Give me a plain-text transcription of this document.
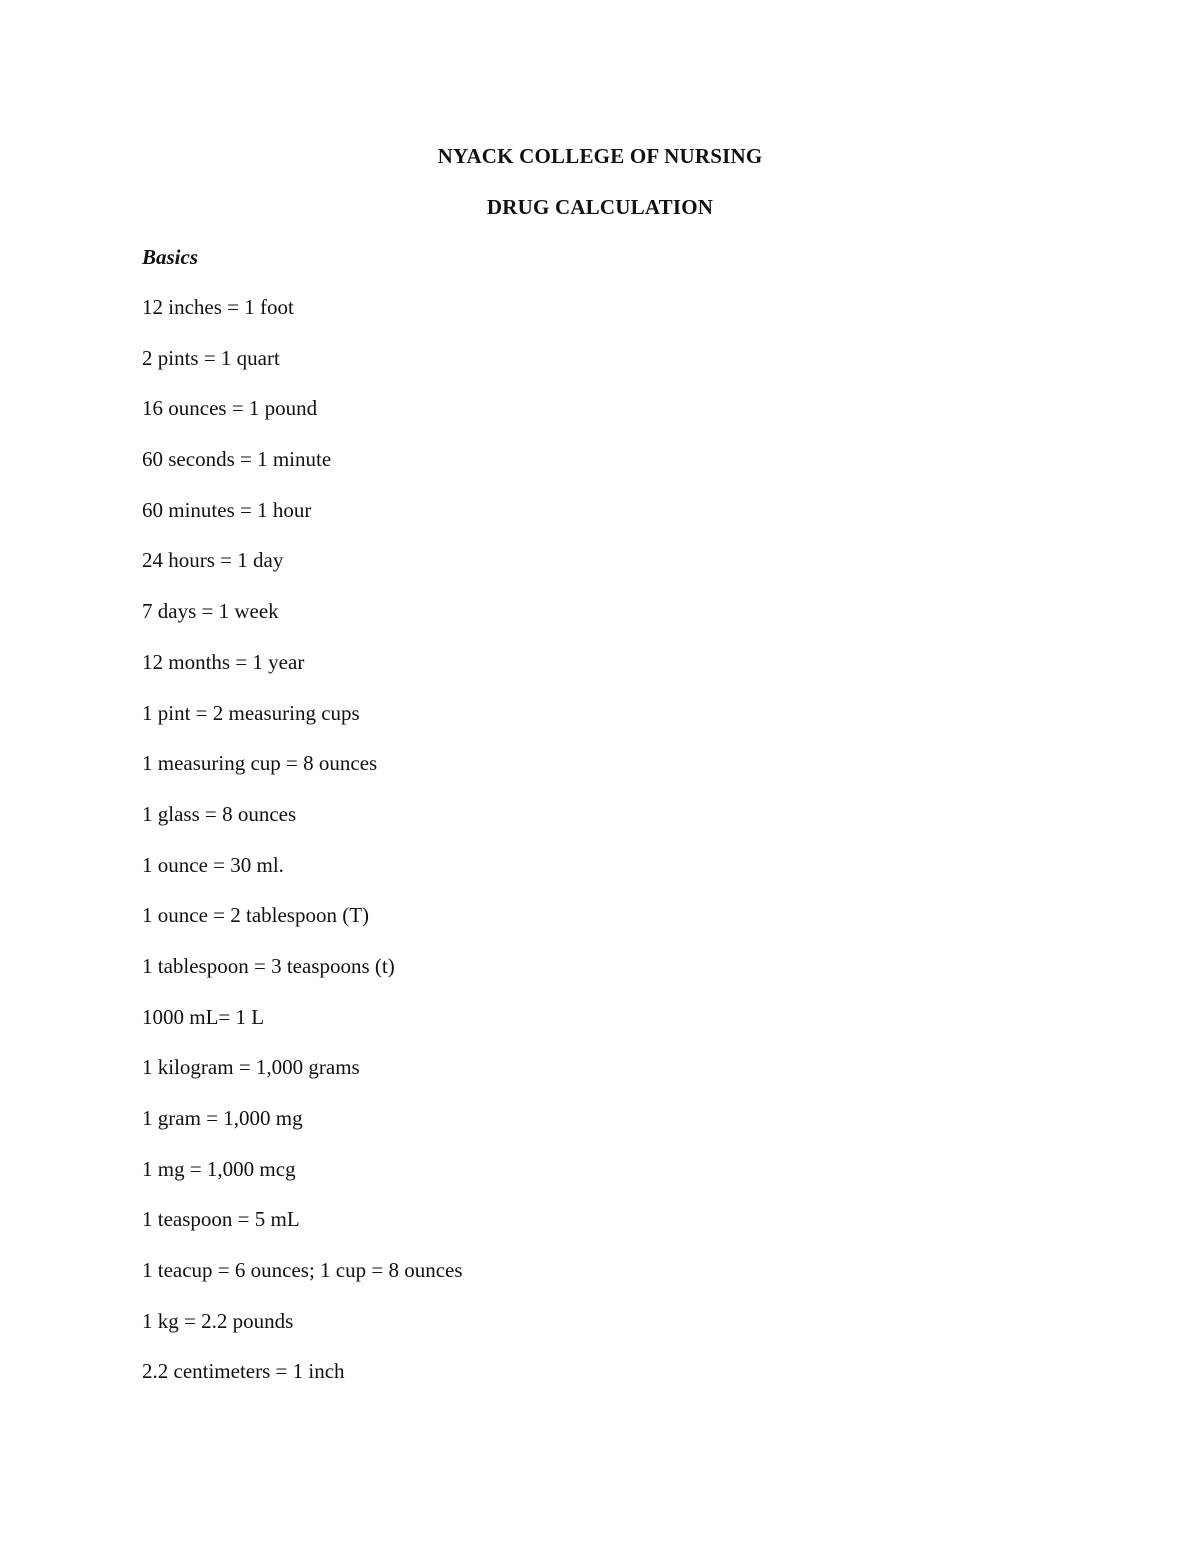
NYACK COLLEGE OF NURSING
DRUG CALCULATION
Basics
12 inches = 1 foot
2 pints = 1 quart
16 ounces = 1 pound
60 seconds = 1 minute
60 minutes = 1 hour
24 hours = 1 day
7 days = 1 week
12 months = 1 year
1 pint = 2 measuring cups
1 measuring cup = 8 ounces
1 glass = 8 ounces
1 ounce = 30 ml.
1 ounce = 2 tablespoon (T)
1 tablespoon = 3 teaspoons (t)
1000 mL= 1 L
1 kilogram = 1,000 grams
1 gram = 1,000 mg
1 mg = 1,000 mcg
1 teaspoon = 5 mL
1 teacup = 6 ounces; 1 cup = 8 ounces
1 kg = 2.2 pounds
2.2 centimeters = 1 inch
